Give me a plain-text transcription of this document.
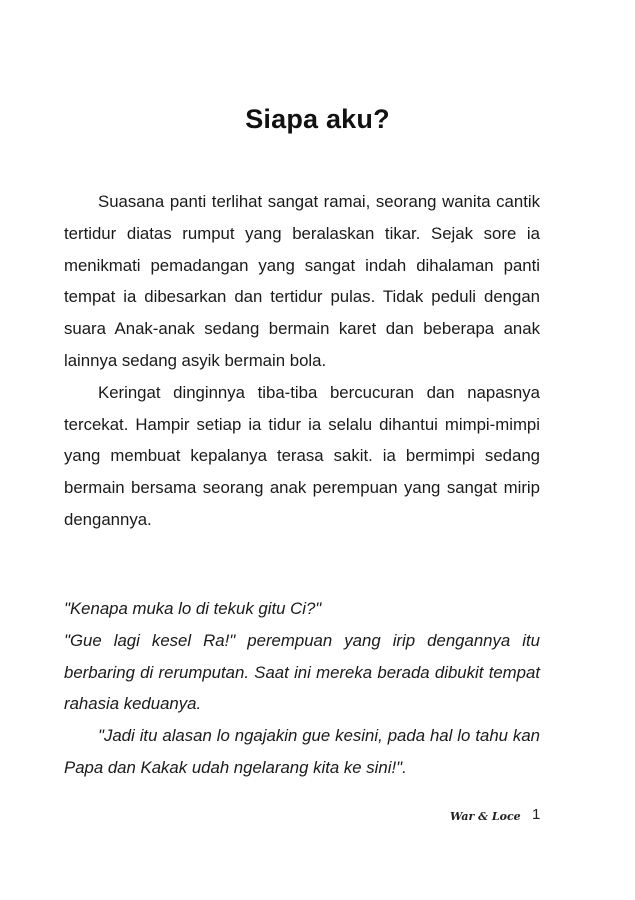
Siapa aku?

Suasana panti terlihat sangat ramai, seorang wanita cantik tertidur diatas rumput yang beralaskan tikar. Sejak sore ia menikmati pemadangan yang sangat indah dihalaman panti tempat ia dibesarkan dan tertidur pulas. Tidak peduli dengan suara Anak-anak sedang bermain karet dan beberapa anak lainnya sedang asyik bermain bola.

Keringat dinginnya tiba-tiba bercucuran dan napasnya tercekat. Hampir setiap ia tidur ia selalu dihantui mimpi-mimpi yang membuat kepalanya terasa sakit. ia bermimpi sedang bermain bersama seorang anak perempuan yang sangat mirip dengannya.

"Kenapa muka lo di tekuk gitu Ci?"

"Gue lagi kesel Ra!" perempuan yang irip dengannya itu berbaring di rerumputan. Saat ini mereka berada dibukit tempat rahasia keduanya.

"Jadi itu alasan lo ngajakin gue kesini, pada hal lo tahu kan Papa dan Kakak udah ngelarang kita ke sini!".

War & Loce 1
